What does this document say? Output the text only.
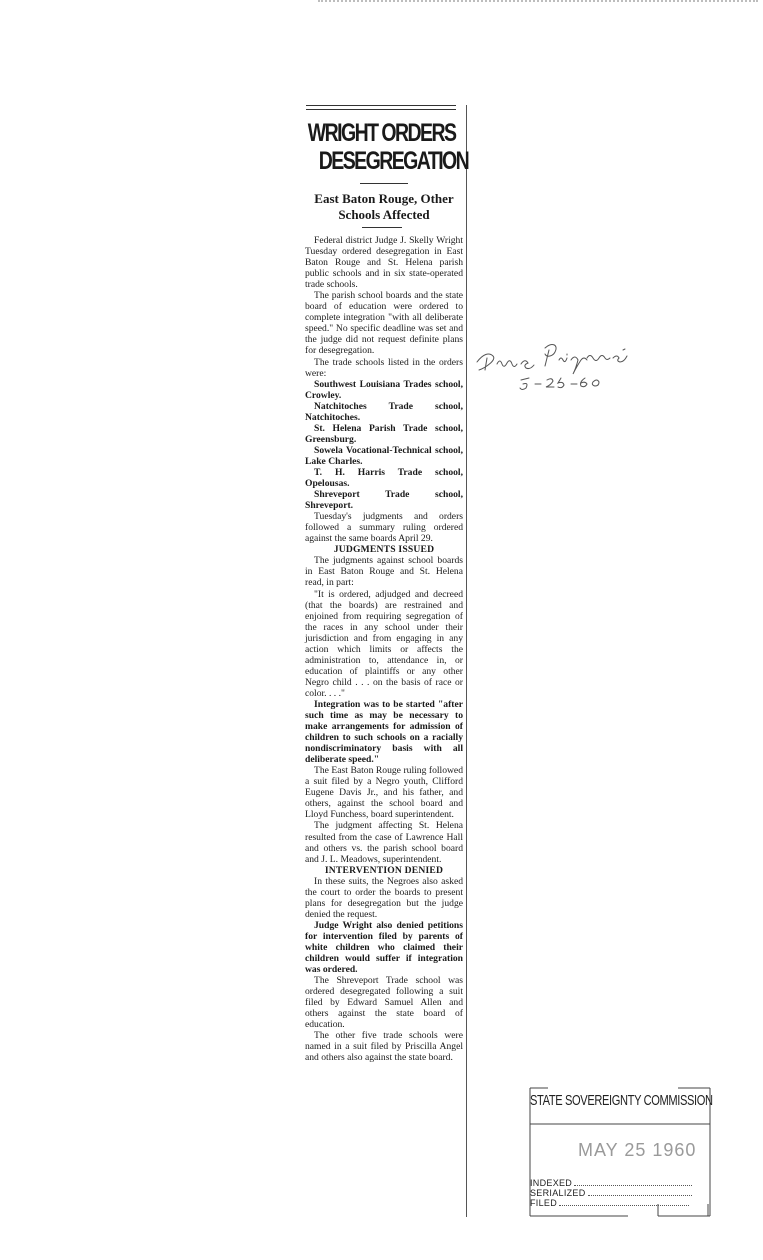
WRIGHT ORDERS
DESEGREGATION
East Baton Rouge, Other Schools Affected

Federal district Judge J. Skelly Wright Tuesday ordered desegregation in East Baton Rouge and St. Helena parish public schools and in six state-operated trade schools.

The parish school boards and the state board of education were ordered to complete integration "with all deliberate speed." No specific deadline was set and the judge did not request definite plans for desegregation.

The trade schools listed in the orders were:

Southwest Louisiana Trades school, Crowley.

Natchitoches Trade school, Natchitoches.

St. Helena Parish Trade school, Greensburg.

Sowela Vocational-Technical school, Lake Charles.

T. H. Harris Trade school, Opelousas.

Shreveport Trade school, Shreveport.

Tuesday's judgments and orders followed a summary ruling ordered against the same boards April 29.

JUDGMENTS ISSUED

The judgments against school boards in East Baton Rouge and St. Helena read, in part:

"It is ordered, adjudged and decreed (that the boards) are restrained and enjoined from requiring segregation of the races in any school under their jurisdiction and from engaging in any action which limits or affects the administration to, attendance in, or education of plaintiffs or any other Negro child . . . on the basis of race or color. . . ."

Integration was to be started "after such time as may be necessary to make arrangements for admission of children to such schools on a racially nondiscriminatory basis with all deliberate speed."

The East Baton Rouge ruling followed a suit filed by a Negro youth, Clifford Eugene Davis Jr., and his father, and others, against the school board and Lloyd Funchess, board superintendent.

The judgment affecting St. Helena resulted from the case of Lawrence Hall and others vs. the parish school board and J. L. Meadows, superintendent.

INTERVENTION DENIED

In these suits, the Negroes also asked the court to order the boards to present plans for desegregation but the judge denied the request.

Judge Wright also denied petitions for intervention filed by parents of white children who claimed their children would suffer if integration was ordered.

The Shreveport Trade school was ordered desegregated following a suit filed by Edward Samuel Allen and others against the state board of education.

The other five trade schools were named in a suit filed by Priscilla Angel and others also against the state board.

STATE SOVEREIGNTY COMMISSION
MAY 25 1960
INDEXED
SERIALIZED
FILED
